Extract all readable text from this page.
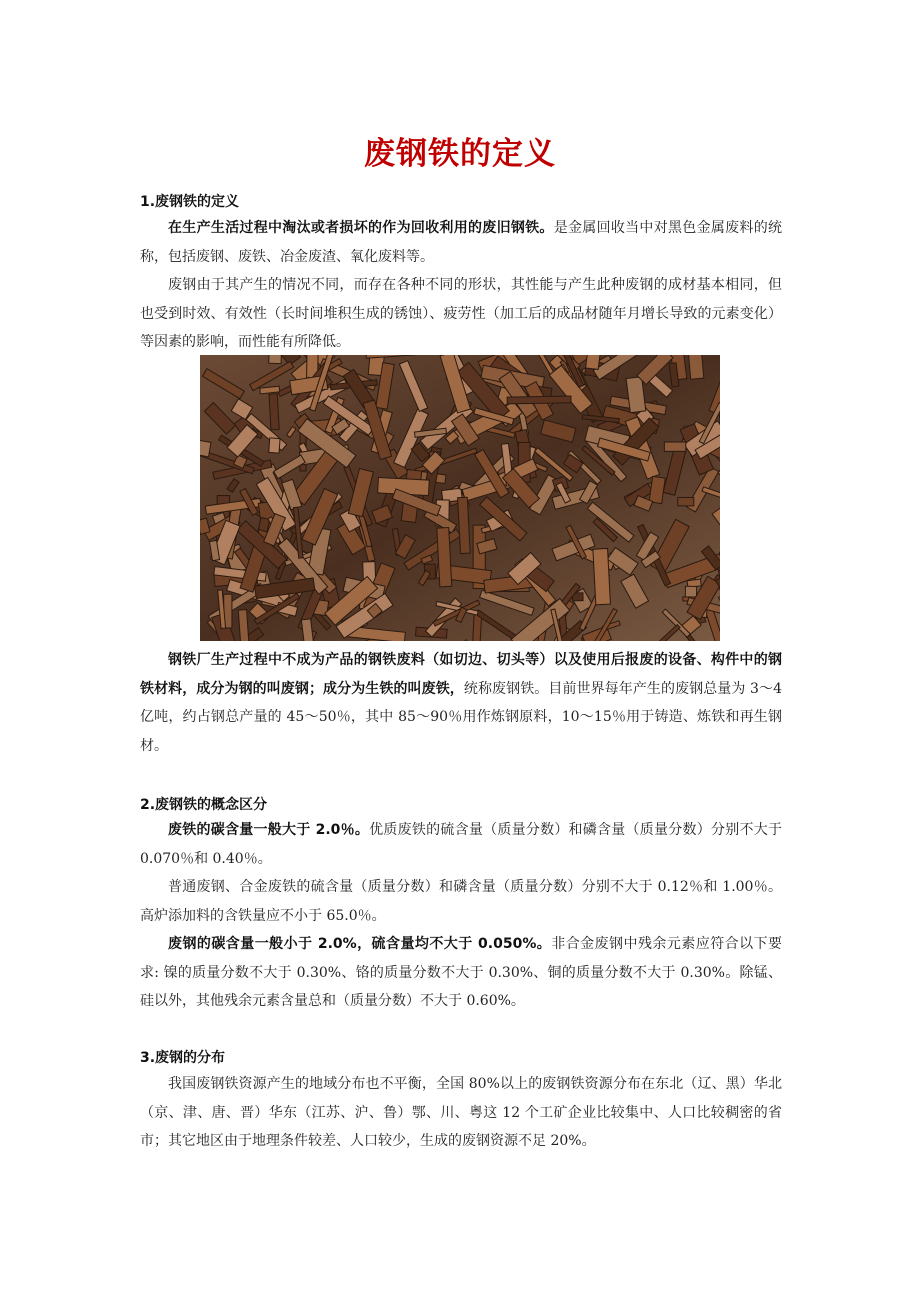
废钢铁的定义
1.废钢铁的定义
在生产生活过程中淘汰或者损坏的作为回收利用的废旧钢铁。是金属回收当中对黑色金属废料的统称，包括废钢、废铁、冶金废渣、氧化废料等。
废钢由于其产生的情况不同，而存在各种不同的形状，其性能与产生此种废钢的成材基本相同，但也受到时效、有效性（长时间堆积生成的锈蚀）、疲劳性（加工后的成品材随年月增长导致的元素变化）等因素的影响，而性能有所降低。
钢铁厂生产过程中不成为产品的钢铁废料（如切边、切头等）以及使用后报废的设备、构件中的钢铁材料，成分为钢的叫废钢；成分为生铁的叫废铁，统称废钢铁。目前世界每年产生的废钢总量为 3～4 亿吨，约占钢总产量的 45～50％，其中 85～90％用作炼钢原料，10～15％用于铸造、炼铁和再生钢材。
2.废钢铁的概念区分
废铁的碳含量一般大于 2.0％。优质废铁的硫含量（质量分数）和磷含量（质量分数）分别不大于 0.070％和 0.40％。
普通废钢、合金废铁的硫含量（质量分数）和磷含量（质量分数）分别不大于 0.12％和 1.00％。高炉添加料的含铁量应不小于 65.0％。
废钢的碳含量一般小于 2.0%，硫含量均不大于 0.050%。非合金废钢中残余元素应符合以下要求: 镍的质量分数不大于 0.30%、铬的质量分数不大于 0.30%、铜的质量分数不大于 0.30%。除锰、硅以外，其他残余元素含量总和（质量分数）不大于 0.60%。
3.废钢的分布
我国废钢铁资源产生的地域分布也不平衡，全国 80%以上的废钢铁资源分布在东北（辽、黑）华北（京、津、唐、晋）华东（江苏、沪、鲁）鄂、川、粤这 12 个工矿企业比较集中、人口比较稠密的省市；其它地区由于地理条件较差、人口较少，生成的废钢资源不足 20%。
